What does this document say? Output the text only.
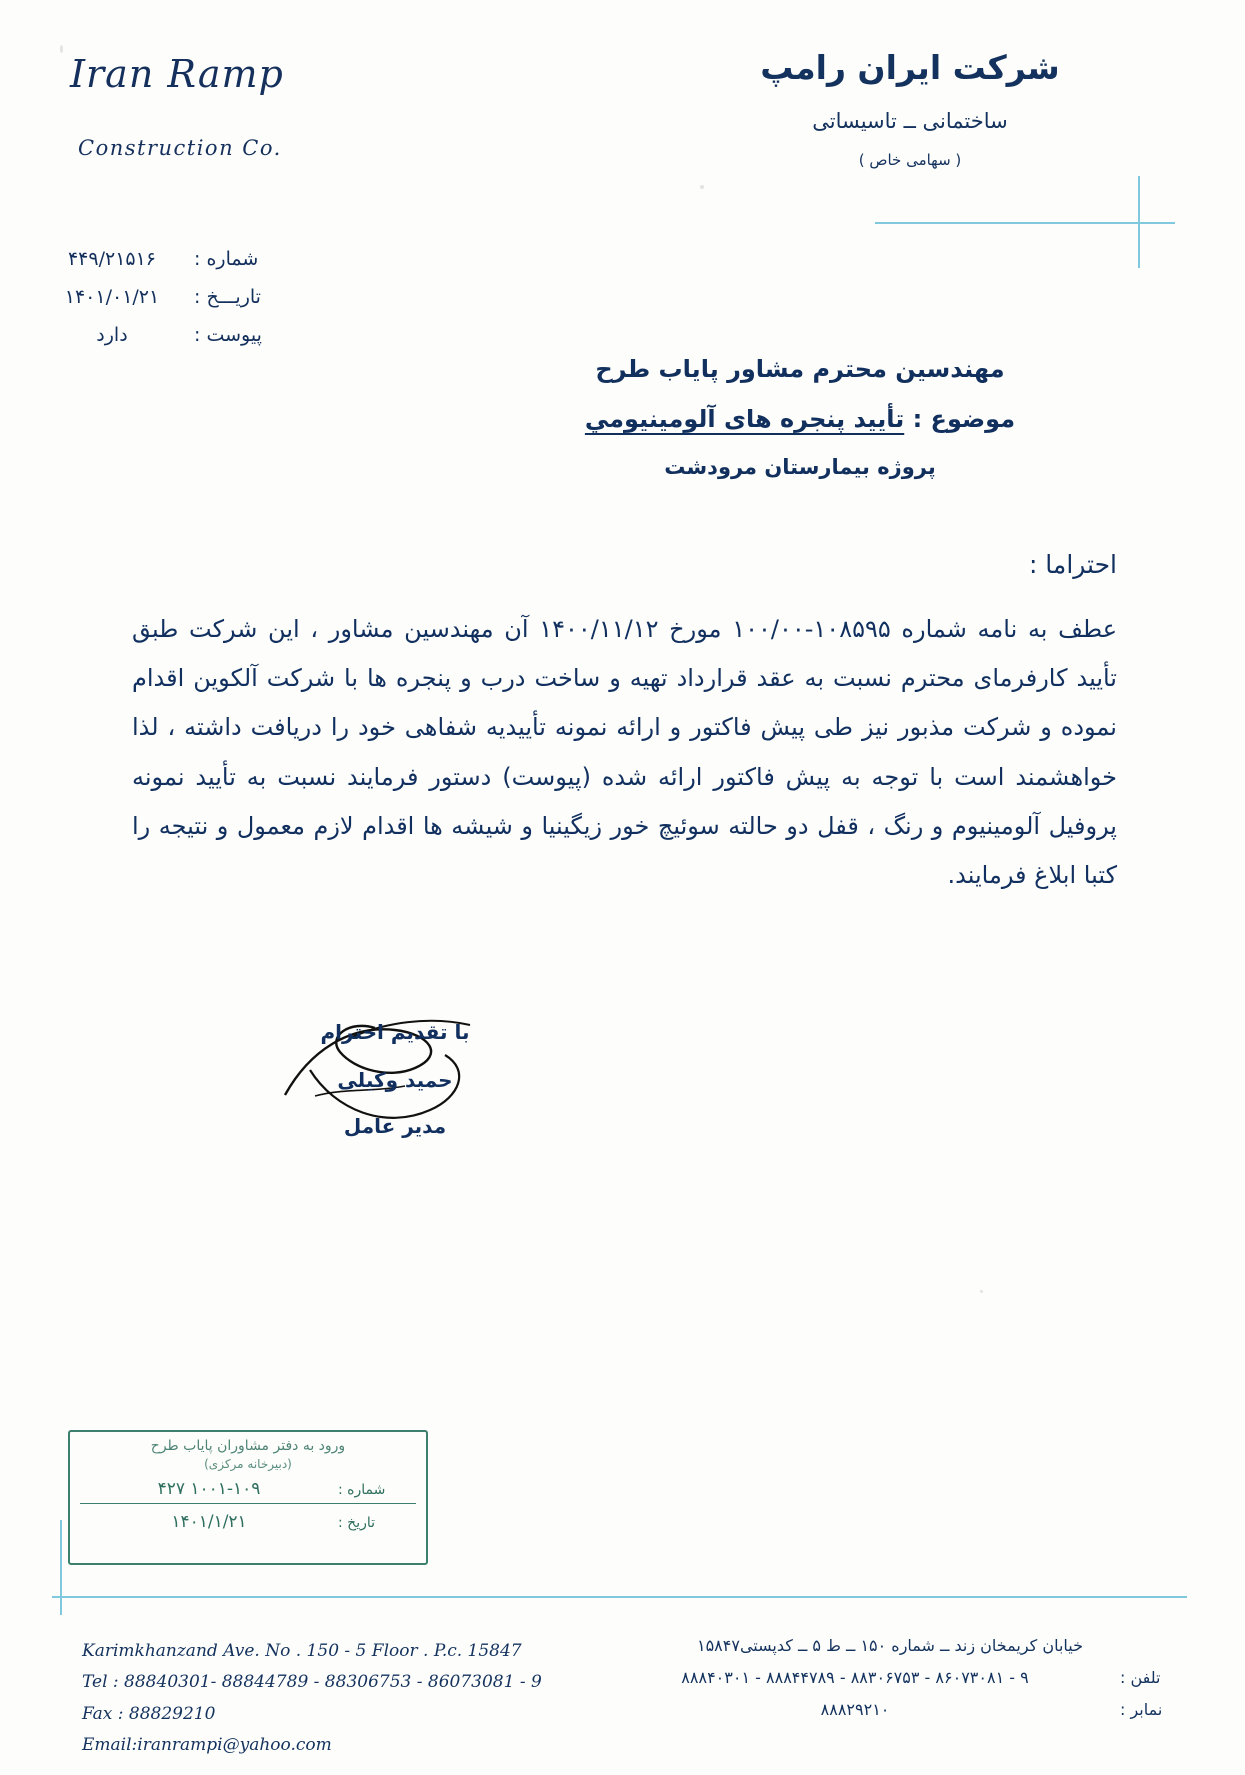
Iran Ramp
Construction Co.
شرکت ایران رامپ
ساختمانی ــ تاسیساتی
( سهامی خاص )
شماره :
۴۴۹/۲۱۵۱۶
تاریـــخ :
۱۴۰۱/۰۱/۲۱
پیوست :
دارد
مهندسین محترم مشاور پایاب طرح
موضوع : تأیید پنجره های آلومینیومي
پروژه بیمارستان مرودشت
احتراما :
عطف به نامه شماره ۱۰۸۵۹۵-۱۰۰/۰۰ مورخ ۱۴۰۰/۱۱/۱۲ آن مهندسین مشاور ، این شرکت طبق تأیید کارفرمای محترم نسبت به عقد قرارداد تهیه و ساخت درب و پنجره ها با شرکت آلکوین اقدام نموده و شرکت مذبور نیز طی پیش فاکتور و ارائه نمونه تأییدیه شفاهی خود را دریافت داشته ، لذا خواهشمند است با توجه به پیش فاکتور ارائه شده (پیوست) دستور فرمایند نسبت به تأیید نمونه پروفیل آلومینیوم و رنگ ، قفل دو حالته سوئیچ خور زیگینیا و شیشه ها اقدام لازم معمول و نتیجه را کتبا ابلاغ فرمایند.
با تقدیم احترام
حمید وکیلی
مدیر عامل
ورود به دفتر مشاوران پایاب طرح
(دبیرخانه مرکزی)
شماره :
۱۰۰۱-۱۰۹ ۴۲۷
تاریخ :
۱۴۰۱/۱/۲۱
Karimkhanzand Ave. No . 150 - 5 Floor . P.c. 15847
Tel : 88840301- 88844789 - 88306753 - 86073081 - 9
Fax : 88829210
Email:iranrampi@yahoo.com
خیابان کریمخان زند ــ شماره ۱۵۰ ــ ط ۵ ــ کدپستی۱۵۸۴۷
تلفن :
۹ - ۸۶۰۷۳۰۸۱ - ۸۸۳۰۶۷۵۳ - ۸۸۸۴۴۷۸۹ - ۸۸۸۴۰۳۰۱
نمابر :
۸۸۸۲۹۲۱۰
